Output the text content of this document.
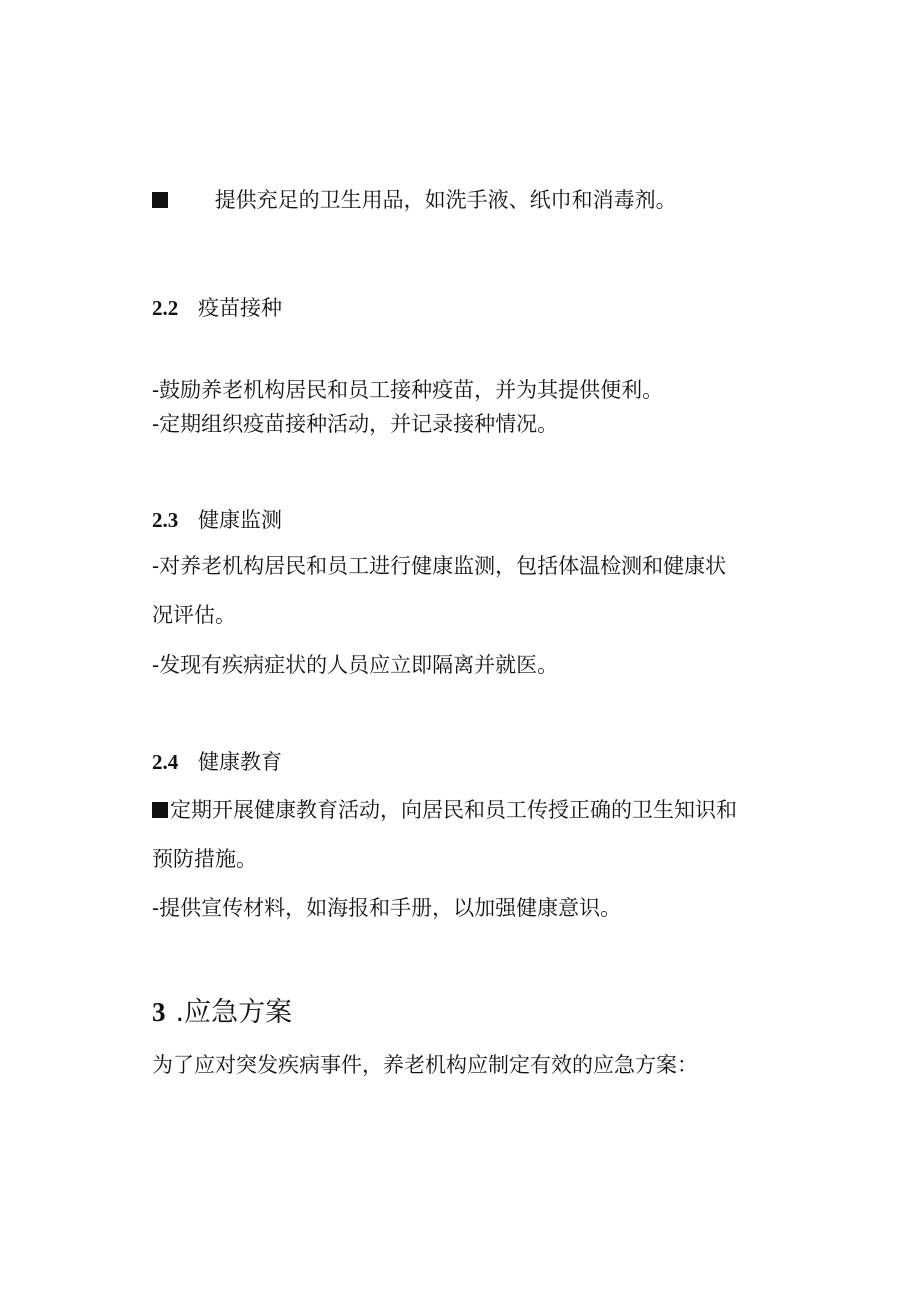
提供充足的卫生用品，如洗手液、纸巾和消毒剂。
2.2 疫苗接种
-鼓励养老机构居民和员工接种疫苗，并为其提供便利。
-定期组织疫苗接种活动，并记录接种情况。
2.3 健康监测
-对养老机构居民和员工进行健康监测，包括体温检测和健康状
况评估。
-发现有疾病症状的人员应立即隔离并就医。
2.4 健康教育
定期开展健康教育活动，向居民和员工传授正确的卫生知识和
预防措施。
-提供宣传材料，如海报和手册，以加强健康意识。
3 .应急方案
为了应对突发疾病事件，养老机构应制定有效的应急方案：
